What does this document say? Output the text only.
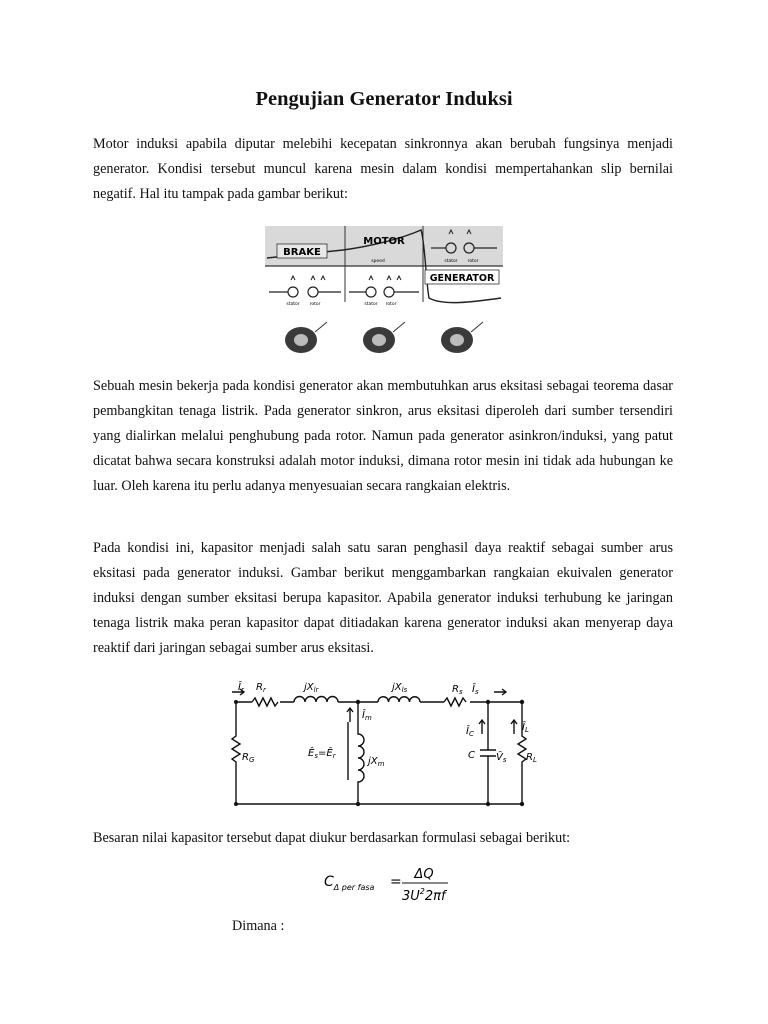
Pengujian Generator Induksi

Motor induksi apabila diputar melebihi kecepatan sinkronnya akan berubah fungsinya menjadi generator. Kondisi tersebut muncul karena mesin dalam kondisi mempertahankan slip bernilai negatif. Hal itu tampak pada gambar berikut:

BRAKE
MOTOR
speed
GENERATOR
stator rotor
stator rotor	stator rotor

Sebuah mesin bekerja pada kondisi generator akan membutuhkan arus eksitasi sebagai teorema dasar pembangkitan tenaga listrik. Pada generator sinkron, arus eksitasi diperoleh dari sumber tersendiri yang dialirkan melalui penghubung pada rotor. Namun pada generator asinkron/induksi, yang patut dicatat bahwa secara konstruksi adalah motor induksi, dimana rotor mesin ini tidak ada hubungan ke luar. Oleh karena itu perlu adanya menyesuaian secara rangkaian elektris.

Pada kondisi ini, kapasitor menjadi salah satu saran penghasil daya reaktif sebagai sumber arus eksitasi pada generator induksi. Gambar berikut menggambarkan rangkaian ekuivalen generator induksi dengan sumber eksitasi berupa kapasitor. Apabila generator induksi terhubung ke jaringan tenaga listrik maka peran kapasitor dapat ditiadakan karena generator induksi akan menyerap daya reaktif dari jaringan sebagai sumber arus eksitasi.

$Î_r$ $R_r$	$jX_{lr}$	$jX_{ls}$	$R_s$ $Î_s$
$Î_m$
$R_G$
$Ê_s=Ê_r$	$jX_m$
$Î_C$
C $V̂_s$
$Î_L$
$R_L$

Besaran nilai kapasitor tersebut dapat diukur berdasarkan formulasi sebagai berikut:

$C_{\Delta per fasa} = \Delta Q$
$3U^22\pi f$

Dimana :
